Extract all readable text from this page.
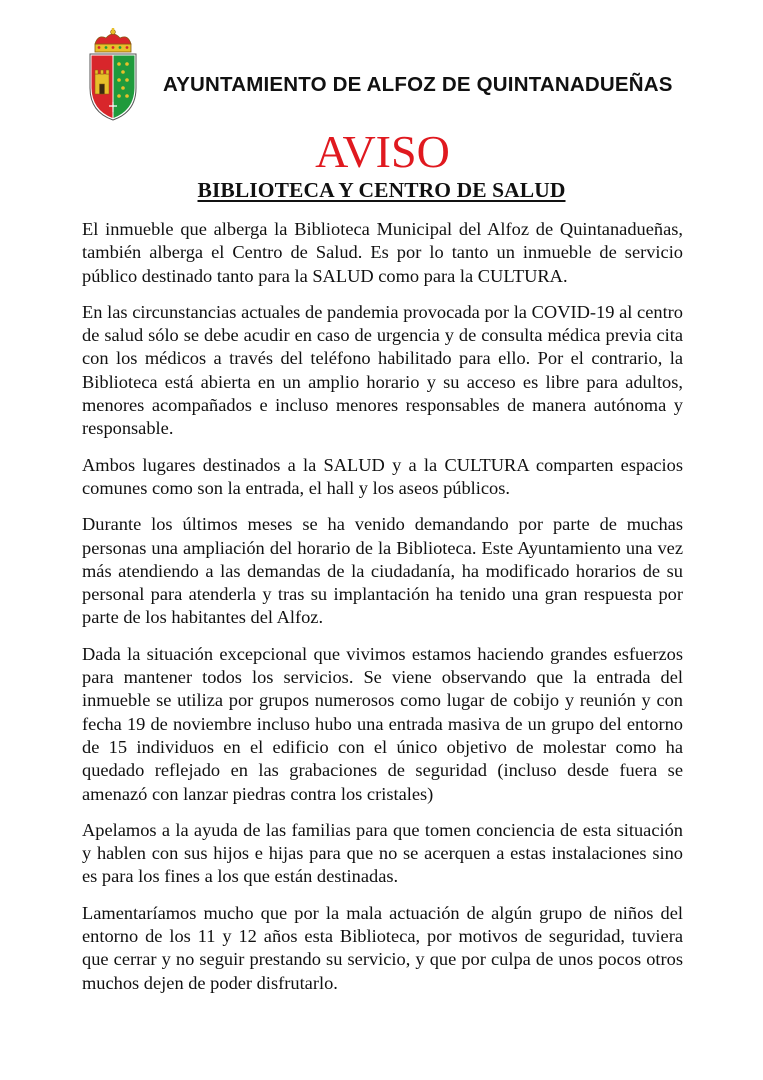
AYUNTAMIENTO DE ALFOZ DE QUINTANADUEÑAS
AVISO
BIBLIOTECA Y CENTRO DE SALUD

El inmueble que alberga la Biblioteca Municipal del Alfoz de Quintanadueñas, también alberga el Centro de Salud. Es por lo tanto un inmueble de servicio público destinado tanto para la SALUD como para la CULTURA.

En las circunstancias actuales de pandemia provocada por la COVID-19 al centro de salud sólo se debe acudir en caso de urgencia y de consulta médica previa cita con los médicos a través del teléfono habilitado para ello. Por el contrario, la Biblioteca está abierta en un amplio horario y su acceso es libre para adultos, menores acompañados e incluso menores responsables de manera autónoma y responsable.

Ambos lugares destinados a la SALUD y a la CULTURA comparten espacios comunes como son la entrada, el hall y los aseos públicos.

Durante los últimos meses se ha venido demandando por parte de muchas personas una ampliación del horario de la Biblioteca. Este Ayuntamiento una vez más atendiendo a las demandas de la ciudadanía, ha modificado horarios de su personal para atenderla y tras su implantación ha tenido una gran respuesta por parte de los habitantes del Alfoz.

Dada la situación excepcional que vivimos estamos haciendo grandes esfuerzos para mantener todos los servicios. Se viene observando que la entrada del inmueble se utiliza por grupos numerosos como lugar de cobijo y reunión y con fecha 19 de noviembre incluso hubo una entrada masiva de un grupo del entorno de 15 individuos en el edificio con el único objetivo de molestar como ha quedado reflejado en las grabaciones de seguridad (incluso desde fuera se amenazó con lanzar piedras contra los cristales)

Apelamos a la ayuda de las familias para que tomen conciencia de esta situación y hablen con sus hijos e hijas para que no se acerquen a estas instalaciones sino es para los fines a los que están destinadas.

Lamentaríamos mucho que por la mala actuación de algún grupo de niños del entorno de los 11 y 12 años esta Biblioteca, por motivos de seguridad, tuviera que cerrar y no seguir prestando su servicio, y que por culpa de unos pocos otros muchos dejen de poder disfrutarlo.
